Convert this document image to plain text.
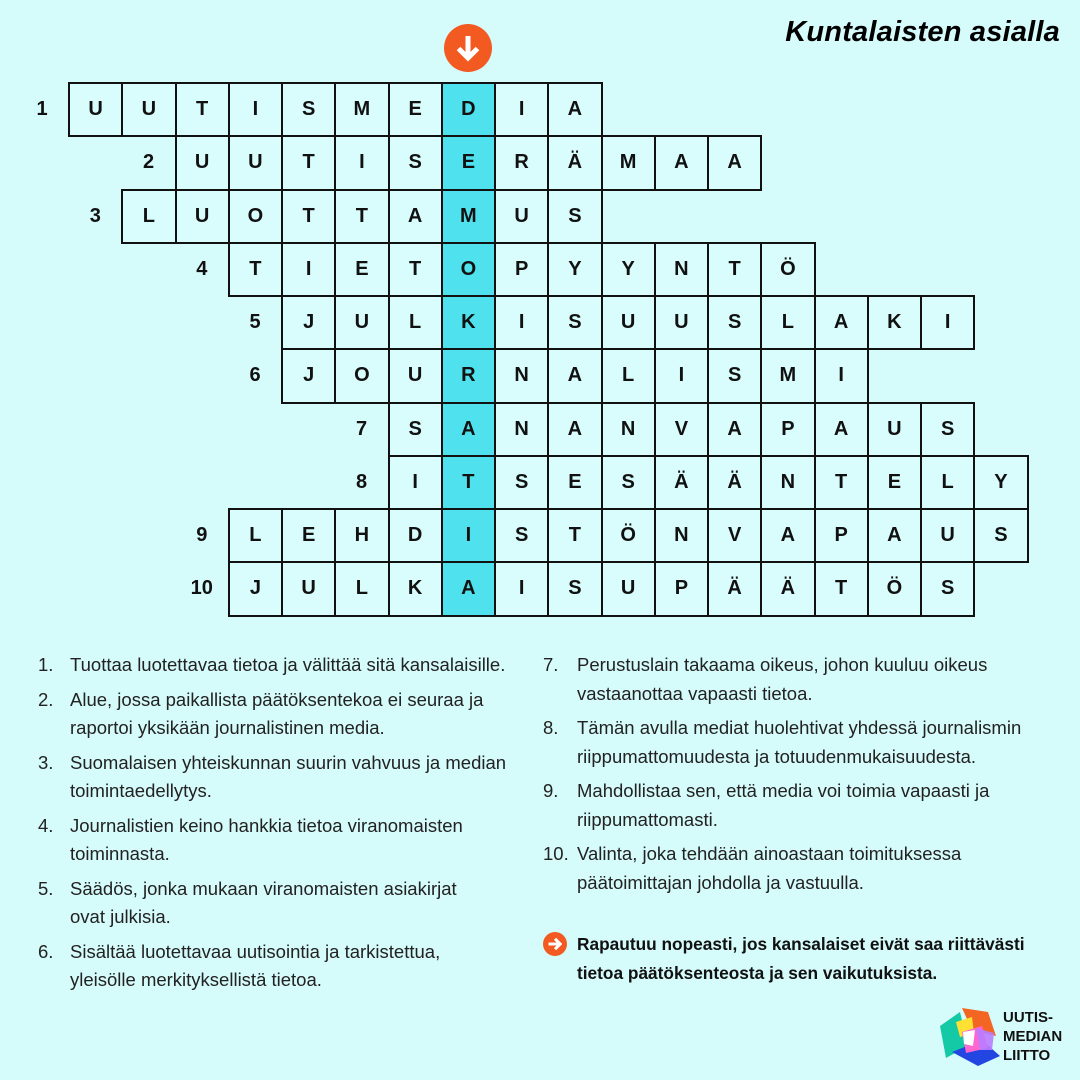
Kuntalaisten asialla
1	U	U	T	I	S	M	E	D	I	A
2	U	U	T	I	S	E	R	Ä	M	A	A
3	L	U	O	T	T	A	M	U	S
4	T	I	E	T	O	P	Y	Y	N	T	Ö
5	J	U	L	K	I	S	U	U	S	L	A	K	I
6	J	O	U	R	N	A	L	I	S	M	I
7	S	A	N	A	N	V	A	P	A	U	S
8	I	T	S	E	S	Ä	Ä	N	T	E	L	Y
9	L	E	H	D	I	S	T	Ö	N	V	A	P	A	U	S
10	J	U	L	K	A	I	S	U	P	Ä	Ä	T	Ö	S
1. Tuottaa luotettavaa tietoa ja välittää sitä kansalaisille.
2. Alue, jossa paikallista päätöksentekoa ei seuraa ja
raportoi yksikään journalistinen media.
3. Suomalaisen yhteiskunnan suurin vahvuus ja median
toimintaedellytys.
4. Journalistien keino hankkia tietoa viranomaisten
toiminnasta.
5. Säädös, jonka mukaan viranomaisten asiakirjat
ovat julkisia.
6. Sisältää luotettavaa uutisointia ja tarkistettua,
yleisölle merkityksellistä tietoa.
7.	Perustuslain takaama oikeus, johon kuuluu oikeus
vastaanottaa vapaasti tietoa.
8.	Tämän avulla mediat huolehtivat yhdessä journalismin
riippumattomuudesta ja totuudenmukaisuudesta.
9.	Mahdollistaa sen, että media voi toimia vapaasti ja
riippumattomasti.
10. Valinta, joka tehdään ainoastaan toimituksessa
päätoimittajan johdolla ja vastuulla.
Rapautuu nopeasti, jos kansalaiset eivät saa riittävästi
tietoa päätöksenteosta ja sen vaikutuksista.
UUTIS-
MEDIAN
LIITTO
